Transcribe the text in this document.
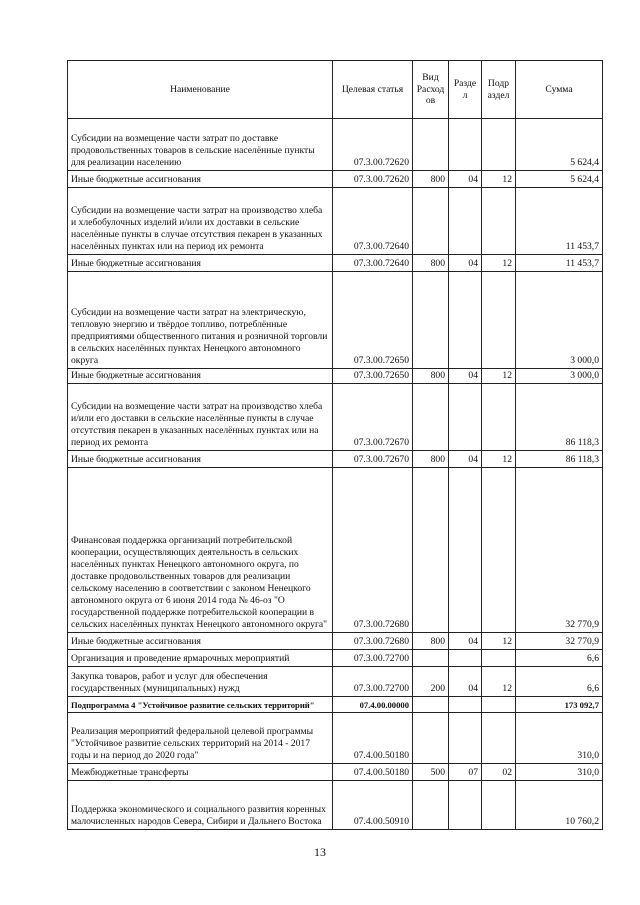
Наименование	Целевая статья	Вид Расход ов	Разде л	Подр аздел	Сумма
Субсидии на возмещение части затрат по доставке продовольственных товаров в сельские населённые пункты для реализации населению	07.3.00.72620				5 624,4
Иные бюджетные ассигнования	07.3.00.72620	800	04	12	5 624,4
Субсидии на возмещение части затрат на производство хлеба и хлебобулочных изделий и/или их доставки в сельские населённые пункты в случае отсутствия пекарен в указанных населённых пунктах или на период их ремонта	07.3.00.72640				11 453,7
Иные бюджетные ассигнования	07.3.00.72640	800	04	12	11 453,7
Субсидии на возмещение части затрат на электрическую, тепловую энергию и твёрдое топливо, потреблённые предприятиями общественного питания и розничной торговли в сельских населённых пунктах Ненецкого автономного округа	07.3.00.72650				3 000,0
Иные бюджетные ассигнования	07.3.00.72650	800	04	12	3 000,0
Субсидии на возмещение части затрат на производство хлеба и/или его доставки в сельские населённые пункты в случае отсутствия пекарен в указанных населённых пунктах или на период их ремонта	07.3.00.72670				86 118,3
Иные бюджетные ассигнования	07.3.00.72670	800	04	12	86 118,3
Финансовая поддержка организаций потребительской кооперации, осуществляющих деятельность в сельских населённых пунктах Ненецкого автономного округа, по доставке продовольственных товаров для реализации сельскому населению в соответствии с законом Ненецкого автономного округа от 6 июня 2014 года № 46-оз "О государственной поддержке потребительской кооперации в сельских населённых пунктах Ненецкого автономного округа"	07.3.00.72680				32 770,9
Иные бюджетные ассигнования	07.3.00.72680	800	04	12	32 770,9
Организация и проведение ярмарочных мероприятий	07.3.00.72700				6,6
Закупка товаров, работ и услуг для обеспечения государственных (муниципальных) нужд	07.3.00.72700	200	04	12	6,6
Подпрограмма 4 "Устойчивое развитие сельских территорий"	07.4.00.00000				173 092,7
Реализация мероприятий федеральной целевой программы "Устойчивое развитие сельских территорий на 2014 - 2017 годы и на период до 2020 года"	07.4.00.50180				310,0
Межбюджетные трансферты	07.4.00.50180	500	07	02	310,0
Поддержка экономического и социального развития коренных малочисленных народов Севера, Сибири и Дальнего Востока	07.4.00.50910				10 760,2
13
